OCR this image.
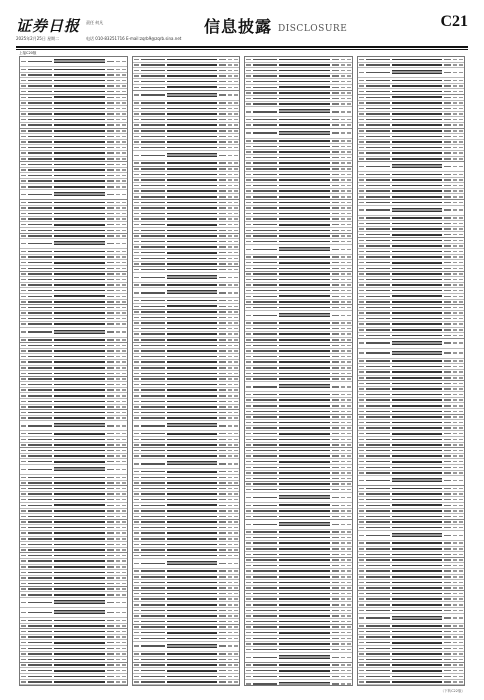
证券日报
2025年2月25日 星期二
责任 何凡
电话 010-83251716 E-mail:zqrb9@zqrb.sina.net
信息披露 DISCLOSURE	C21
上接C20版
（下转C22版）
